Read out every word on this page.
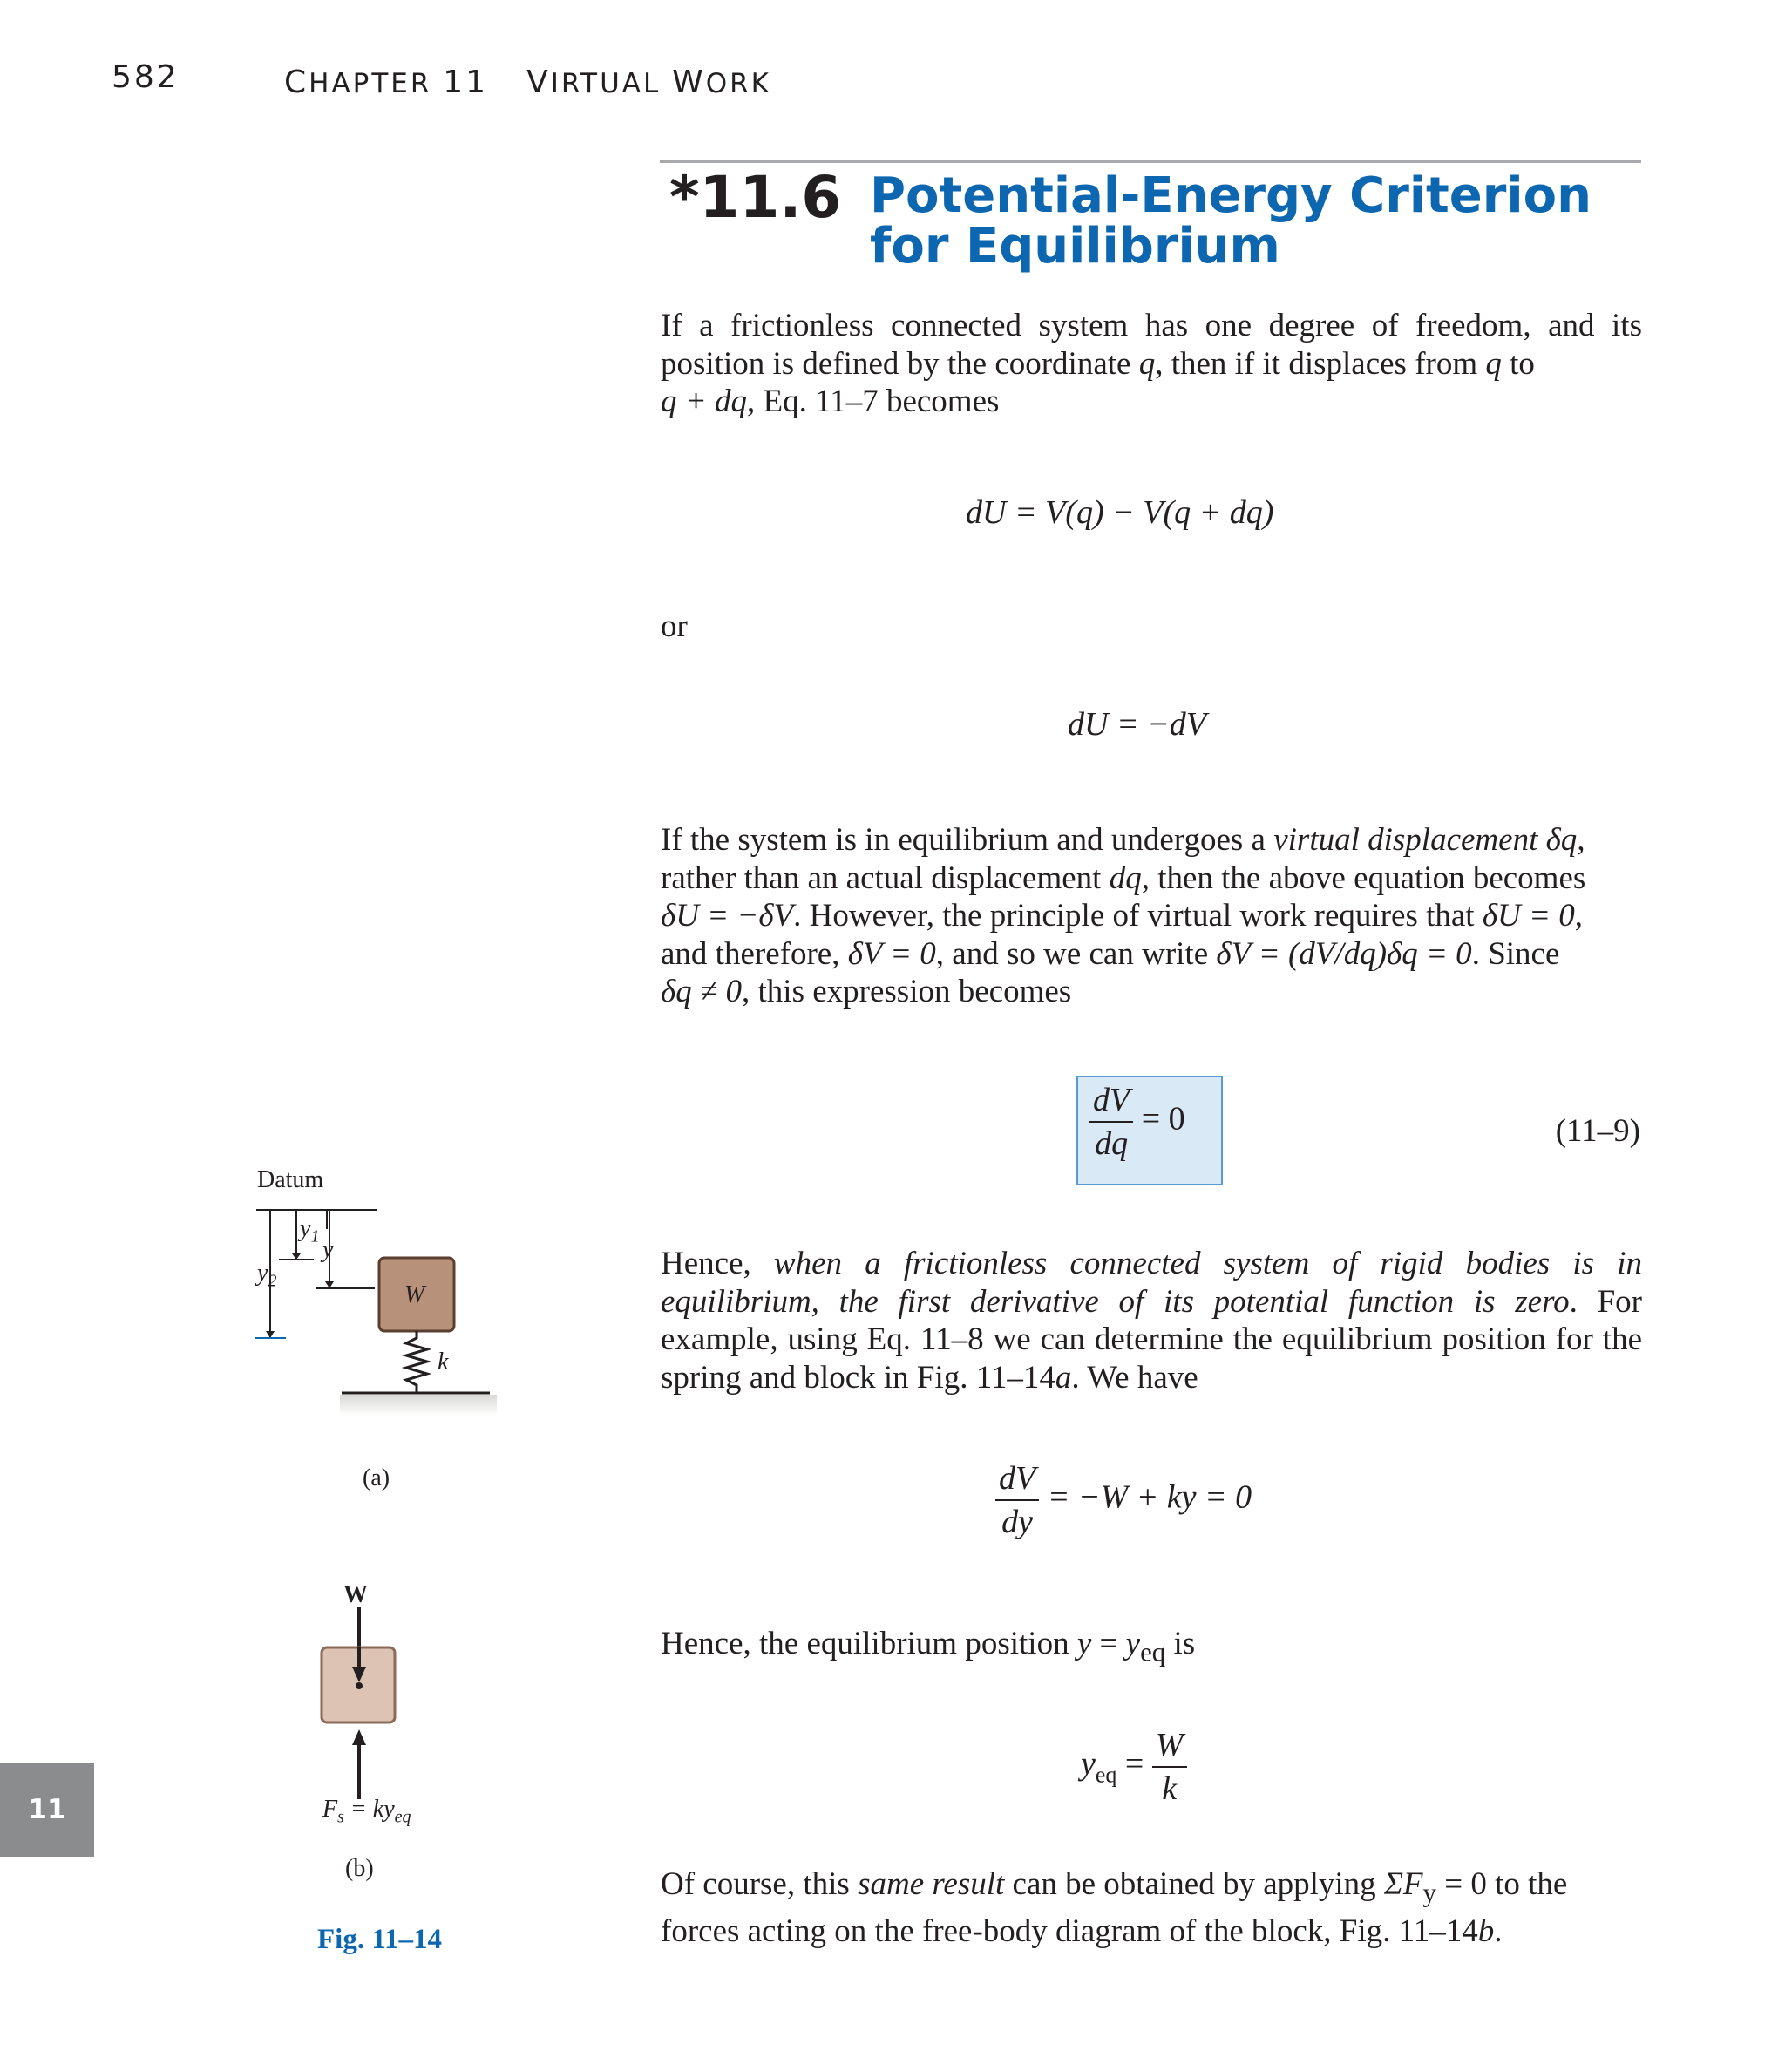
582	CHAPTER 11 VIRTUAL WORK
*11.6 Potential-Energy Criterion for Equilibrium
If a frictionless connected system has one degree of freedom, and its position is defined by the coordinate q, then if it displaces from q to
q + dq, Eq. 11–7 becomes
dU = V(q) − V(q + dq)
or
dU = −dV
If the system is in equilibrium and undergoes a virtual displacement δq,
rather than an actual displacement dq, then the above equation becomes
δU = −δV. However, the principle of virtual work requires that δU = 0,
and therefore, δV = 0, and so we can write δV = (dV/dq)δq = 0. Since
δq ≠ 0, this expression becomes
$\frac{dV}{dq} = 0$	(11–9)
Hence, when a frictionless connected system of rigid bodies is in equilibrium, the first derivative of its potential function is zero. For example, using Eq. 11–8 we can determine the equilibrium position for the spring and block in Fig. 11–14a. We have
$\frac{dV}{dy} = -W$ + ky = 0
Hence, the equilibrium position $y = y_{eq}$ is
$y_{eq} = \frac{W}{k}$
Of course, this same result can be obtained by applying $\Sigma F_y = 0$ to the
forces acting on the free-body diagram of the block, Fig. 11–14b.
11
Datum
$y_1$ y
$y_2$
W
k
(a)
W
$F_s = ky_{eq}$
(b)
Fig. 11–14
